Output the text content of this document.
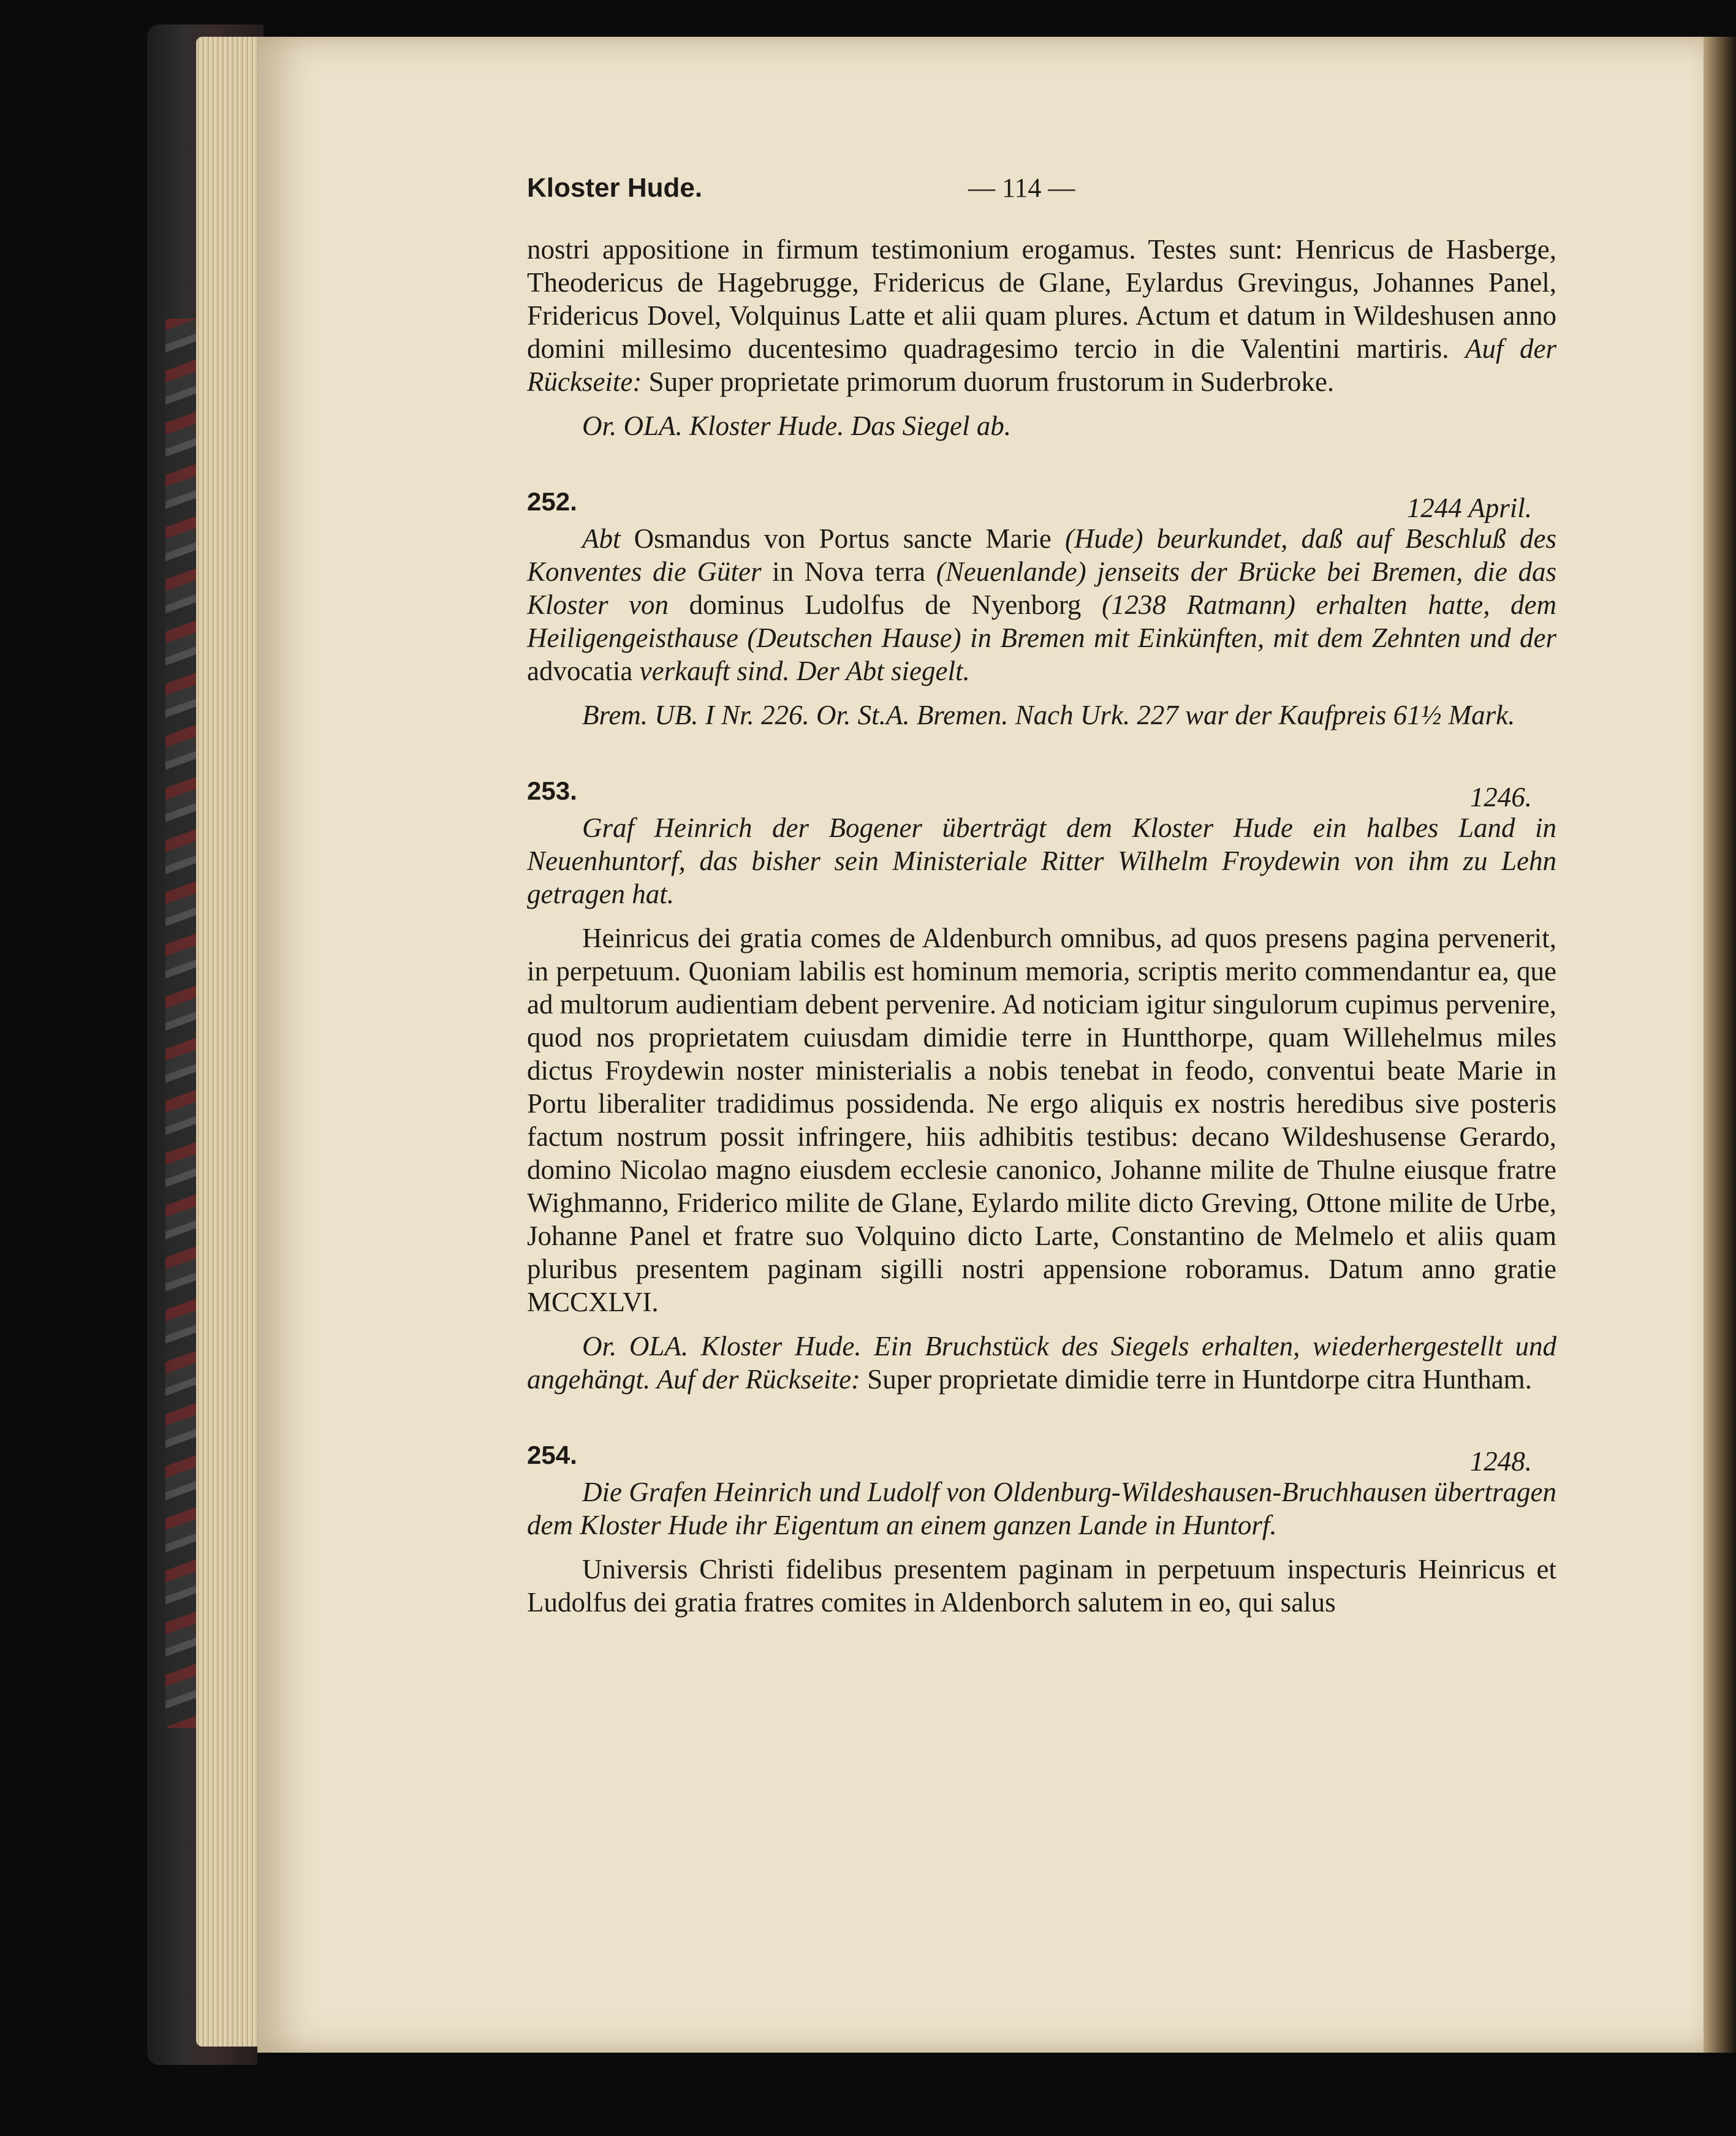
Kloster Hude.	— 114 —

nostri appositione in firmum testimonium erogamus. Testes sunt: Henricus de Hasberge, Theodericus de Hagebrugge, Fridericus de Glane, Eylardus Grevingus, Johannes Panel, Fridericus Dovel, Volquinus Latte et alii quam plures. Actum et datum in Wildeshusen anno domini millesimo ducentesimo quadragesimo tercio in die Valentini martiris. Auf der Rückseite: Super proprietate primorum duorum frustorum in Suderbroke.

Or. OLA. Kloster Hude. Das Siegel ab.

252.	1244 April.

Abt Osmandus von Portus sancte Marie (Hude) beurkundet, daß auf Beschluß des Konventes die Güter in Nova terra (Neuenlande) jenseits der Brücke bei Bremen, die das Kloster von dominus Ludolfus de Nyenborg (1238 Ratmann) erhalten hatte, dem Heiligengeisthause (Deutschen Hause) in Bremen mit Einkünften, mit dem Zehnten und der advocatia verkauft sind. Der Abt siegelt.

Brem. UB. I Nr. 226. Or. St.A. Bremen. Nach Urk. 227 war der Kaufpreis 61½ Mark.

253.	1246.

Graf Heinrich der Bogener überträgt dem Kloster Hude ein halbes Land in Neuenhuntorf, das bisher sein Ministeriale Ritter Wilhelm Froydewin von ihm zu Lehn getragen hat.

Heinricus dei gratia comes de Aldenburch omnibus, ad quos presens pagina pervenerit, in perpetuum. Quoniam labilis est hominum memoria, scriptis merito commendantur ea, que ad multorum audientiam debent pervenire. Ad noticiam igitur singulorum cupimus pervenire, quod nos proprietatem cuiusdam dimidie terre in Huntthorpe, quam Willehelmus miles dictus Froydewin noster ministerialis a nobis tenebat in feodo, conventui beate Marie in Portu liberaliter tradidimus possidenda. Ne ergo aliquis ex nostris heredibus sive posteris factum nostrum possit infringere, hiis adhibitis testibus: decano Wildeshusense Gerardo, domino Nicolao magno eiusdem ecclesie canonico, Johanne milite de Thulne eiusque fratre Wighmanno, Friderico milite de Glane, Eylardo milite dicto Greving, Ottone milite de Urbe, Johanne Panel et fratre suo Volquino dicto Larte, Constantino de Melmelo et aliis quam pluribus presentem paginam sigilli nostri appensione roboramus. Datum anno gratie MCCXLVI.

Or. OLA. Kloster Hude. Ein Bruchstück des Siegels erhalten, wiederhergestellt und angehängt. Auf der Rückseite: Super proprietate dimidie terre in Huntdorpe citra Huntham.

254.	1248.

Die Grafen Heinrich und Ludolf von Oldenburg-Wildeshausen-Bruchhausen übertragen dem Kloster Hude ihr Eigentum an einem ganzen Lande in Huntorf.

Universis Christi fidelibus presentem paginam in perpetuum inspecturis Heinricus et Ludolfus dei gratia fratres comites in Aldenborch salutem in eo, qui salus
